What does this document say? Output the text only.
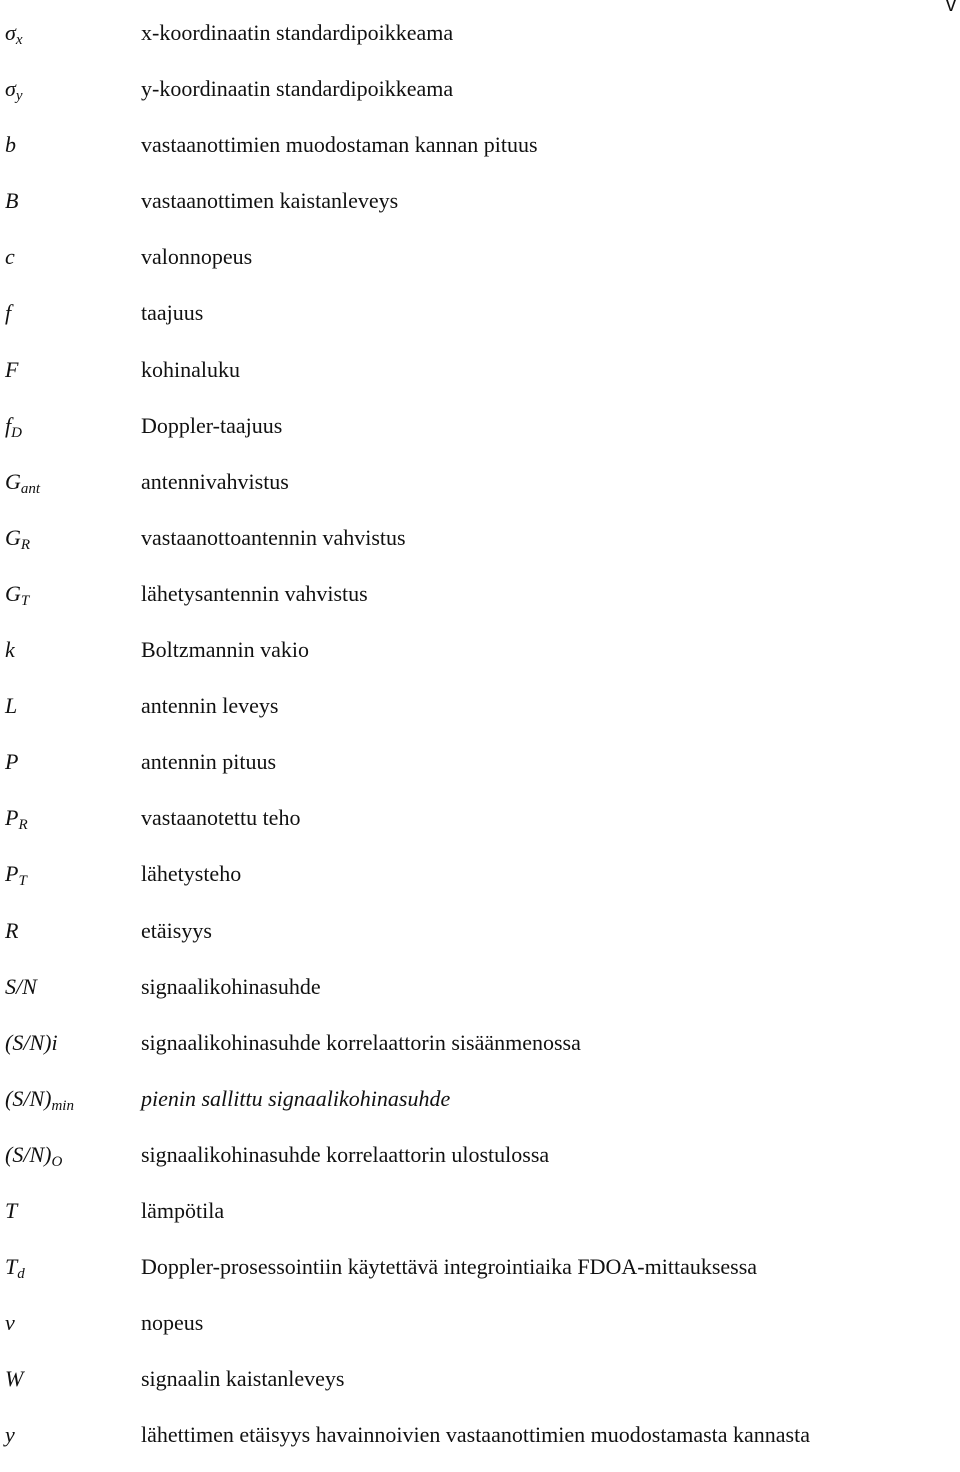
v
$\sigma_x$	x-koordinaatin standardipoikkeama
$\sigma_y$	y-koordinaatin standardipoikkeama
b	vastaanottimien muodostaman kannan pituus
B	vastaanottimen kaistanleveys
c	valonnopeus
f	taajuus
F	kohinaluku
$f_D$	Doppler-taajuus
$G_{ant}$	antennivahvistus
$G_R$	vastaanottoantennin vahvistus
$G_T$	lähetysantennin vahvistus
k	Boltzmannin vakio
L	antennin leveys
P	antennin pituus
$P_R$	vastaanotettu teho
$P_T$	lähetysteho
R	etäisyys
S/N	signaalikohinasuhde
(S/N)i	signaalikohinasuhde korrelaattorin sisäänmenossa
$(S/N)_{min}$	pienin sallittu signaalikohinasuhde
$(S/N)_O$	signaalikohinasuhde korrelaattorin ulostulossa
T	lämpötila
$T_d$	Doppler-prosessointiin käytettävä integrointiaika FDOA-mittauksessa
v	nopeus
W	signaalin kaistanleveys
y	lähettimen etäisyys havainnoivien vastaanottimien muodostamasta kannasta
